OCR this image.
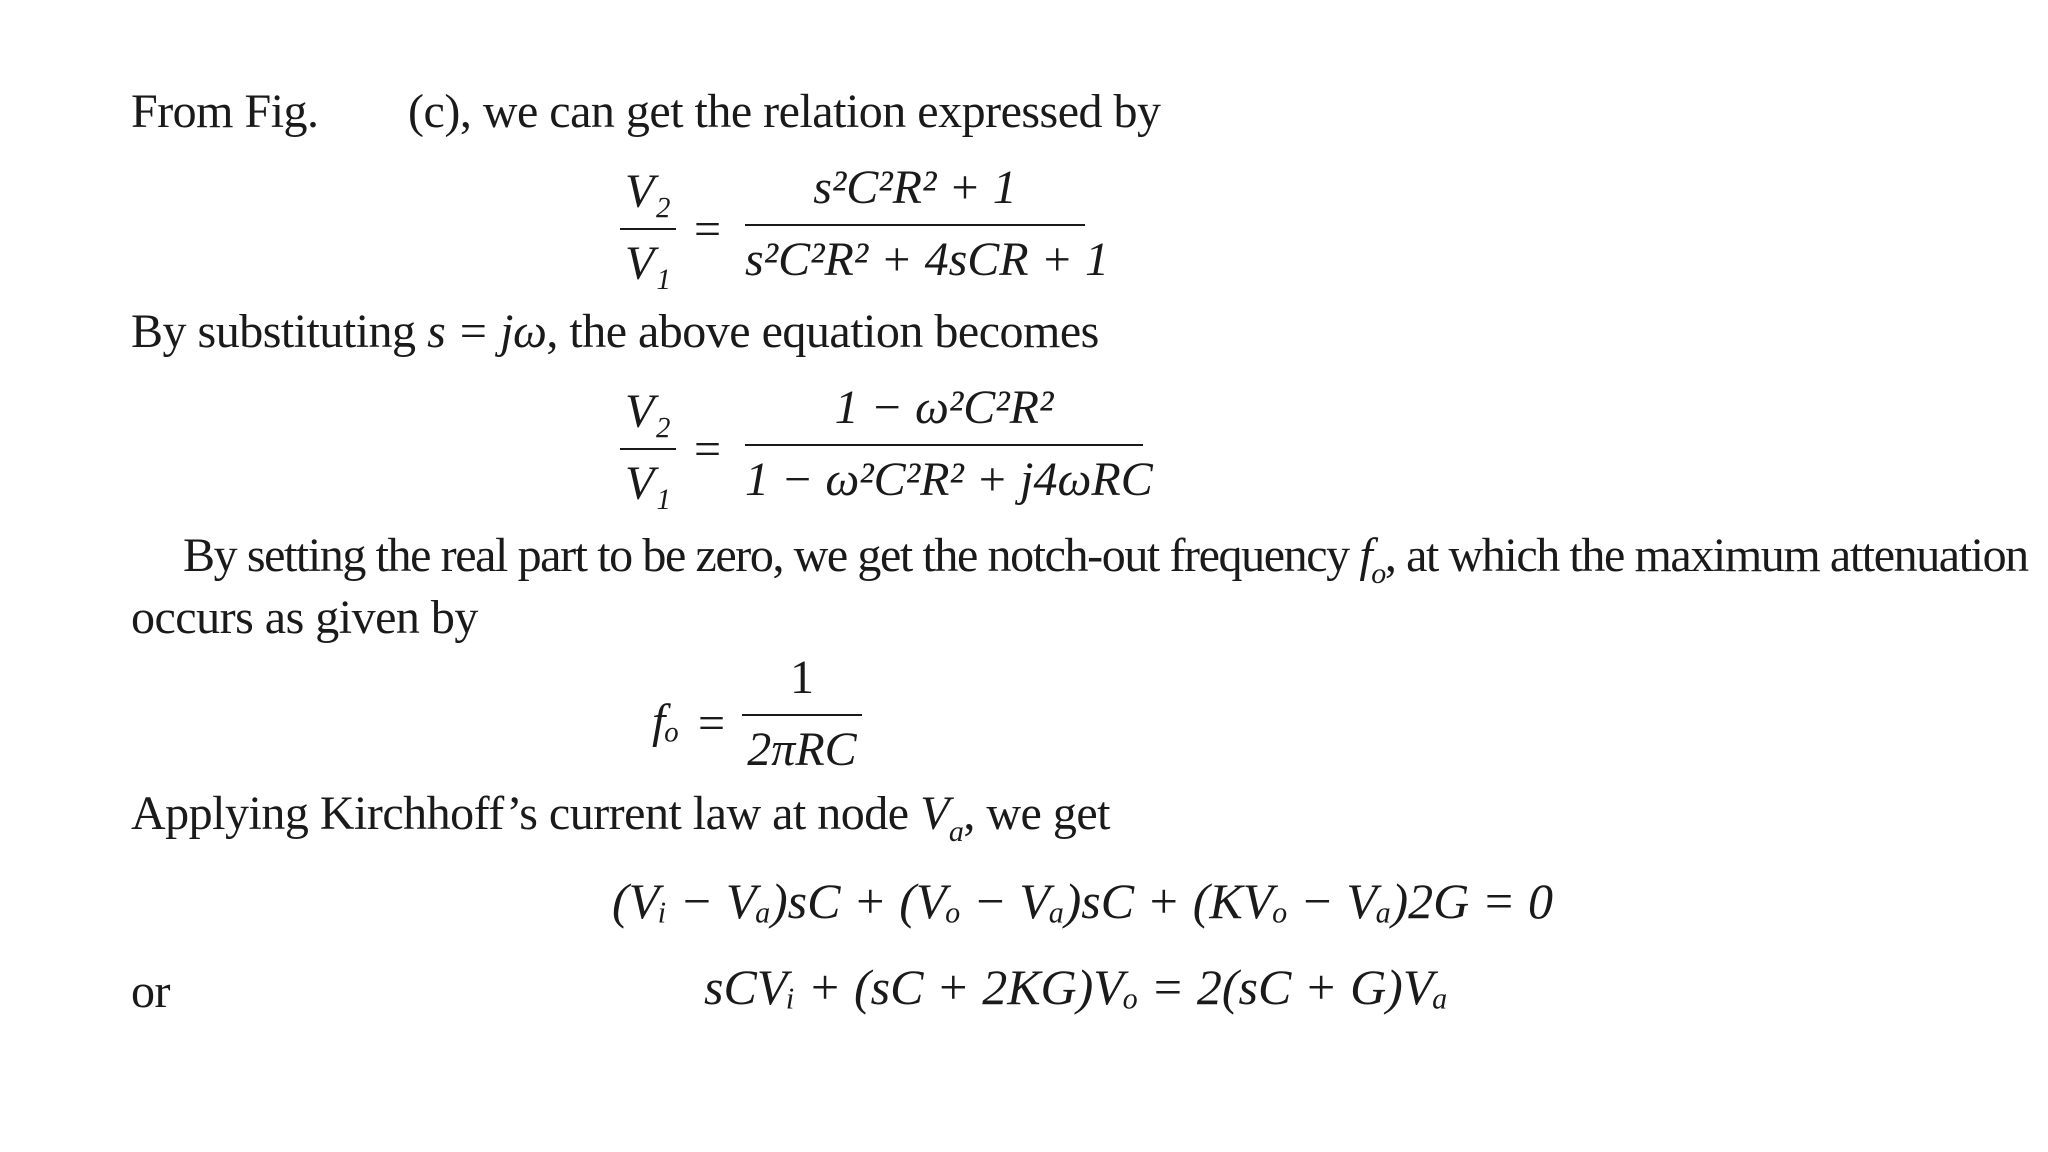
From Fig. (c), we can get the relation expressed by
V₂
V₁
=
s²C²R² + 1
s²C²R² + 4sCR + 1
By substituting s = jω, the above equation becomes
V₂
V₁
=
1 − ω²C²R²
1 − ω²C²R² + j4ωRC
By setting the real part to be zero, we get the notch-out frequency $f_o$, at which the maximum attenuation
occurs as given by
fₒ =
1
2πRC
Applying Kirchhoff’s current law at node $V_a$, we get
(Vᵢ − Vₐ)sC + (Vₒ − Vₐ)sC + (KVₒ − Vₐ)2G = 0
or	sCVᵢ + (sC + 2KG)Vₒ = 2(sC + G)Vₐ
